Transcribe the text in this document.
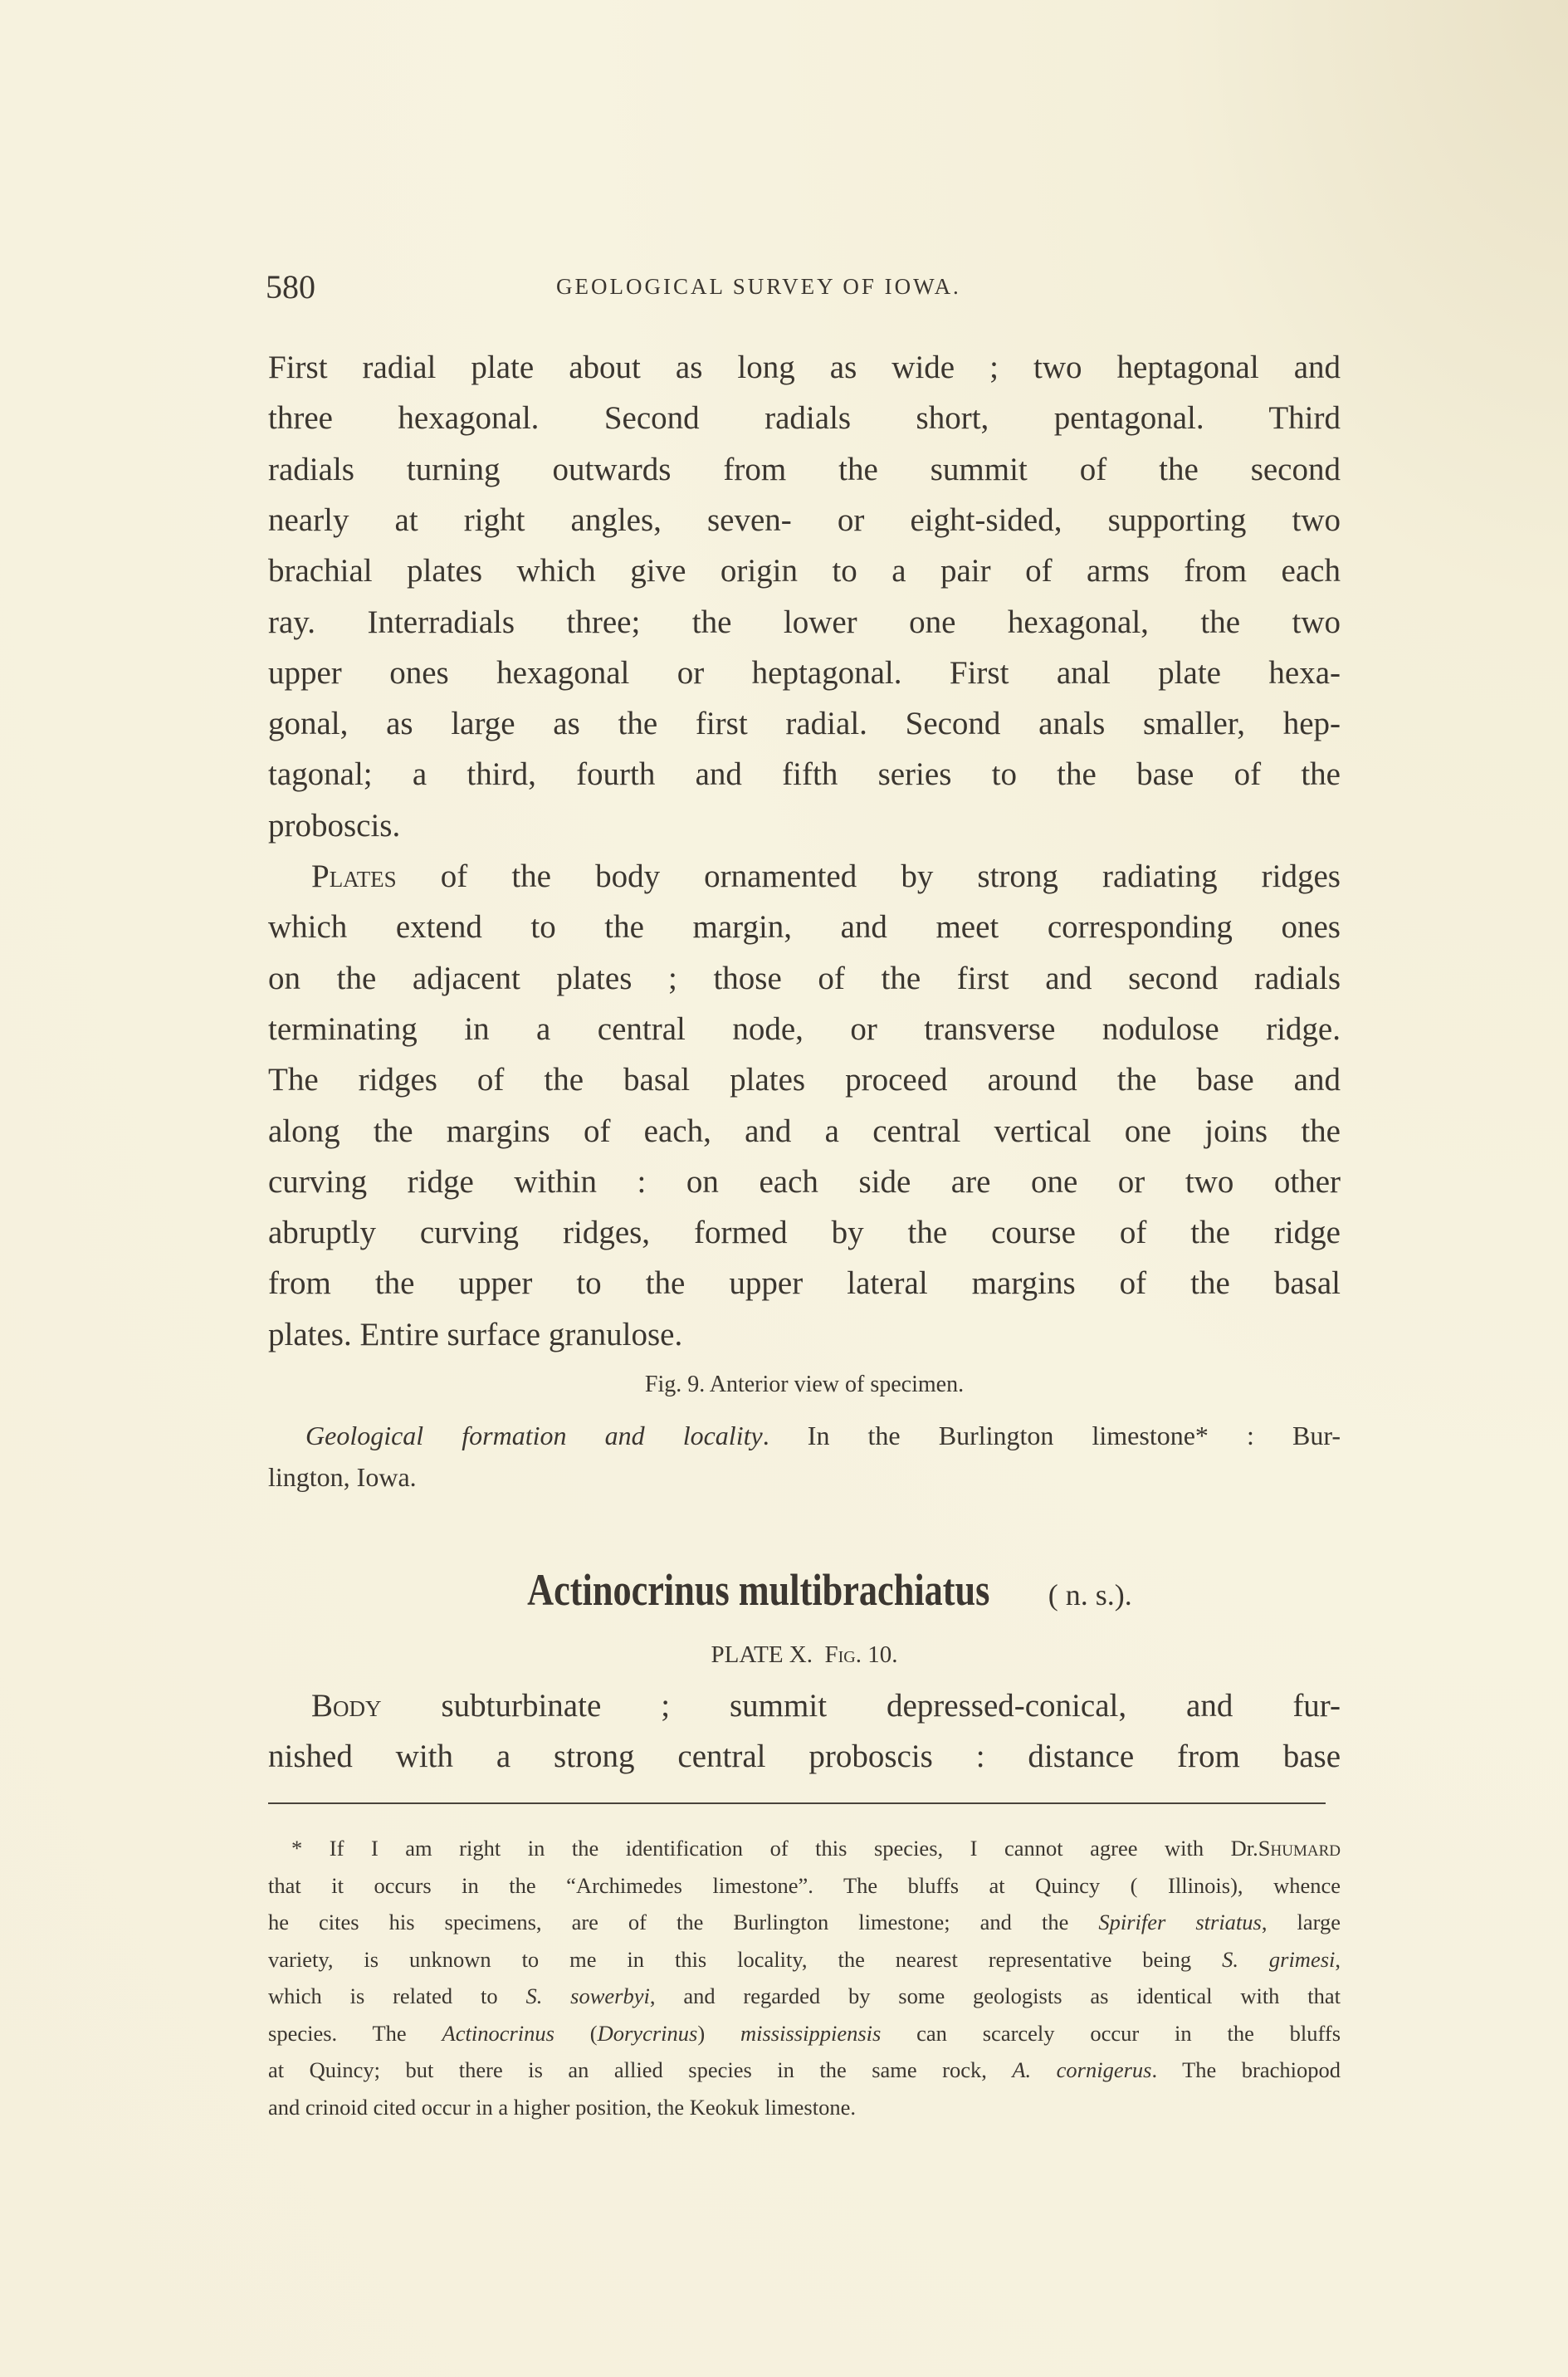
580	GEOLOGICAL SURVEY OF IOWA.
First radial plate about as long as wide ; two heptagonal and
three hexagonal. Second radials short, pentagonal. Third
radials turning outwards from the summit of the second
nearly at right angles, seven- or eight-sided, supporting two
brachial plates which give origin to a pair of arms from each
ray. Interradials three; the lower one hexagonal, the two
upper ones hexagonal or heptagonal. First anal plate hexa-
gonal, as large as the first radial. Second anals smaller, hep-
tagonal; a third, fourth and fifth series to the base of the
proboscis.
Plates of the body ornamented by strong radiating ridges
which extend to the margin, and meet corresponding ones
on the adjacent plates ; those of the first and second radials
terminating in a central node, or transverse nodulose ridge.
The ridges of the basal plates proceed around the base and
along the margins of each, and a central vertical one joins the
curving ridge within : on each side are one or two other
abruptly curving ridges, formed by the course of the ridge
from the upper to the upper lateral margins of the basal
plates. Entire surface granulose.
Geological formation and locality. In the Burlington limestone* : Bur-
lington, Iowa.
Body subturbinate ; summit depressed-conical, and fur-
nished with a strong central proboscis : distance from base
* If I am right in the identification of this species, I cannot agree with Dr.Shumard
that it occurs in the “Archimedes limestone”. The bluffs at Quincy ( Illinois), whence
he cites his specimens, are of the Burlington limestone; and the Spirifer striatus, large
variety, is unknown to me in this locality, the nearest representative being S. grimesi,
which is related to S. sowerbyi, and regarded by some geologists as identical with that
species. The Actinocrinus (Dorycrinus) mississippiensis can scarcely occur in the bluffs
at Quincy; but there is an allied species in the same rock, A. cornigerus. The brachiopod
and crinoid cited occur in a higher position, the Keokuk limestone.
Fig. 9. Anterior view of specimen.
Actinocrinus multibrachiatus ( n. s.).
PLATE X. Fig. 10.
